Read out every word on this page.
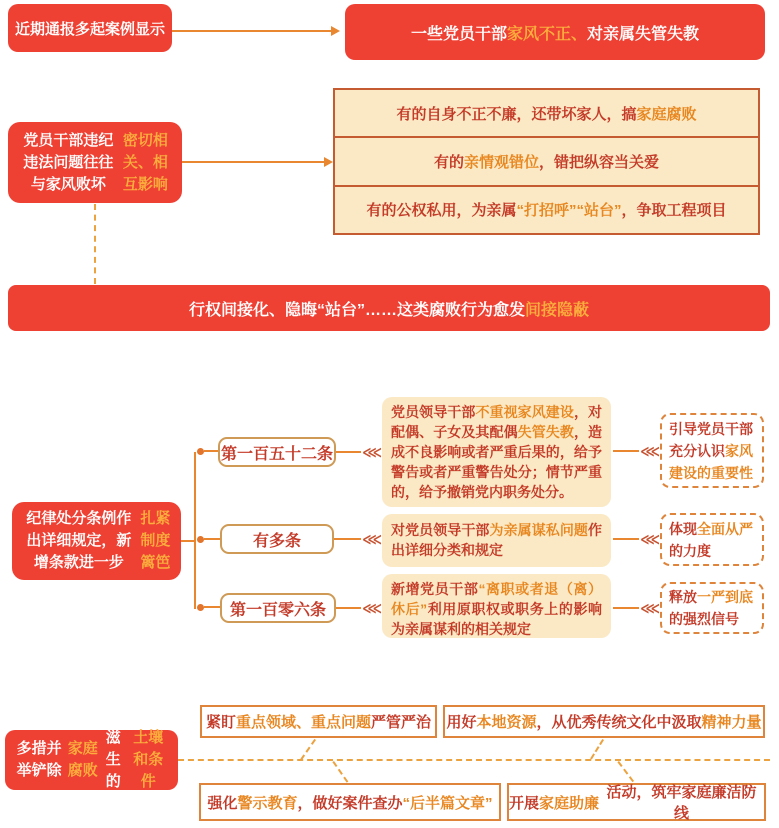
近期通报多起案例显示	一些党员干部 家风不正、 对亲属失管失教
党员干部违纪违法问题往往与家风败坏
密切相关、相互影响
有的自身不正不廉，还带坏家人，搞 家庭腐败
有的 亲情观错位 ，错把纵容当关爱
有的公权私用，为亲属 “打招呼”“站台” ，争取工程项目
行权间接化、隐晦“站台”……这类腐败行为愈发 间接隐蔽
纪律处分条例作出详细规定，新增条款进一步
扎紧制度篱笆
第一百五十二条
有多条
第一百零六条
⋘
⋘
⋘
党员领导干部不重视家风建设，对配偶、子女及其配偶失管失教，造成不良影响或者严重后果的，给予警告或者严重警告处分；情节严重的，给予撤销党内职务处分。
对党员领导干部为亲属谋私问题作出详细分类和规定
新增党员干部“离职或者退（离）休后”利用原职权或职务上的影响为亲属谋利的相关规定
⋘
⋘
⋘
引导党员干部充分认识家风建设的重要性
体现全面从严的力度
释放一严到底的强烈信号
多措并举铲除
家庭腐败
滋生的
土壤和条件
紧盯 重点领域、重点问题 严管严治 用好 本地资源 ，从优秀传统文化中汲取 精神力量
强化 警示教育 ，做好案件查办 “后半篇文章” 开展 家庭助廉
活动，筑牢家庭廉洁防线
